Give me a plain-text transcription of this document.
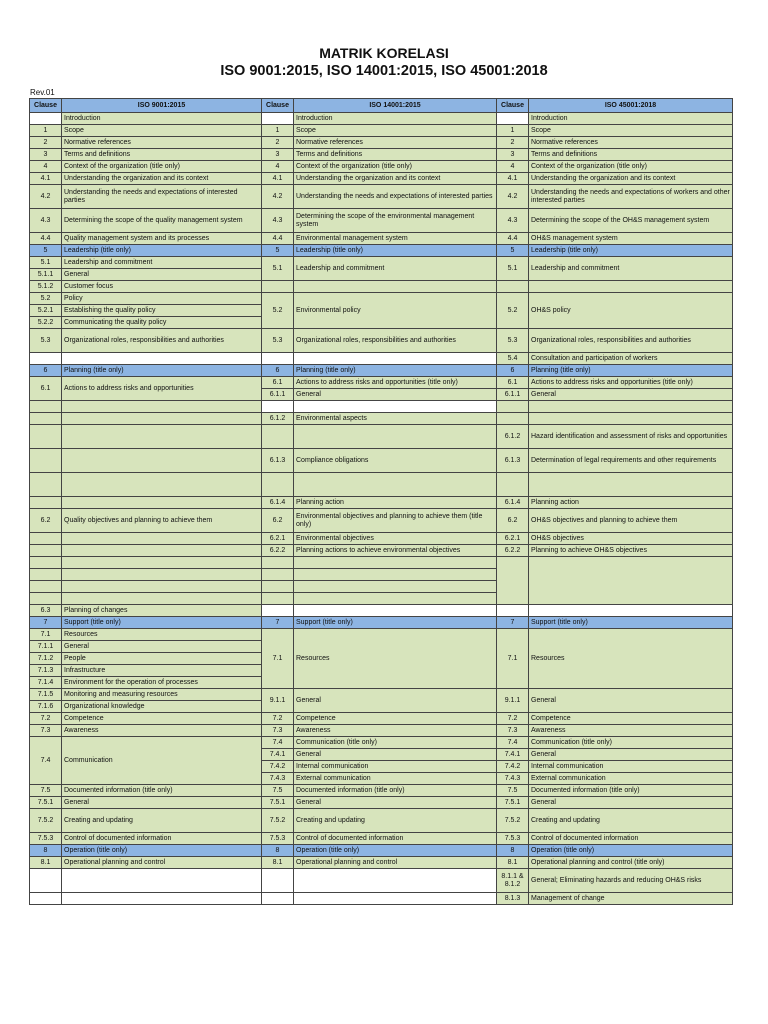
MATRIK KORELASI
ISO 9001:2015, ISO 14001:2015, ISO 45001:2018
Rev.01
Clause	ISO 9001:2015	Clause	ISO 14001:2015	Clause	ISO 45001:2018
	Introduction		Introduction		Introduction
1	Scope	1	Scope	1	Scope
2	Normative references	2	Normative references	2	Normative references
3	Terms and definitions	3	Terms and definitions	3	Terms and definitions
4	Context of the organization (title only)	4	Context of the organization (title only)	4	Context of the organization (title only)
4.1	Understanding the organization and its context	4.1	Understanding the organization and its context	4.1	Understanding the organization and its context
4.2	Understanding the needs and expectations of interested parties	4.2	Understanding the needs and expectations of interested parties	4.2	Understanding the needs and expectations of workers and other interested parties
4.3	Determining the scope of the quality management system	4.3	Determining the scope of the environmental management system	4.3	Determining the scope of the OH&S management system
4.4	Quality management system and its processes	4.4	Environmental management system	4.4	OH&S management system
5	Leadership (title only)	5	Leadership (title only)	5	Leadership (title only)
5.1	Leadership and commitment	5.1	Leadership and commitment	5.1	Leadership and commitment
5.1.1	General				
5.1.2	Customer focus				
5.2	Policy	5.2	Environmental policy	5.2	OH&S policy
5.2.1	Establishing the quality policy				
5.2.2	Communicating the quality policy				
5.3	Organizational roles, responsibilities and authorities	5.3	Organizational roles, responsibilities and authorities	5.3	Organizational roles, responsibilities and authorities
				5.4	Consultation and participation of workers
6	Planning (title only)	6	Planning (title only)	6	Planning (title only)
6.1	Actions to address risks and opportunities	6.1	Actions to address risks and opportunities (title only)	6.1	Actions to address risks and opportunities (title only)
		6.1.1	General	6.1.1	General

		6.1.2	Environmental aspects		
				6.1.2	Hazard identification and assessment of risks and opportunities
		6.1.3	Compliance obligations	6.1.3	Determination of legal requirements and other requirements

		6.1.4	Planning action	6.1.4	Planning action
6.2	Quality objectives and planning to achieve them	6.2	Environmental objectives and planning to achieve them (title only)	6.2	OH&S objectives and planning to achieve them
		6.2.1	Environmental objectives	6.2.1	OH&S objectives
		6.2.2	Planning actions to achieve environmental objectives	6.2.2	Planning to achieve OH&S objectives

6.3	Planning of changes				
7	Support (title only)	7	Support (title only)	7	Support (title only)
7.1	Resources	7.1	Resources	7.1	Resources
7.1.1	General				
7.1.2	People				
7.1.3	Infrastructure				
7.1.4	Environment for the operation of processes				
7.1.5	Monitoring and measuring resources	9.1.1	General	9.1.1	General
7.1.6	Organizational knowledge				
7.2	Competence	7.2	Competence	7.2	Competence
7.3	Awareness	7.3	Awareness	7.3	Awareness
7.4	Communication	7.4	Communication (title only)	7.4	Communication (title only)
		7.4.1	General	7.4.1	General
		7.4.2	Internal communication	7.4.2	Internal communication
		7.4.3	External communication	7.4.3	External communication
7.5	Documented information (title only)	7.5	Documented information (title only)	7.5	Documented information (title only)
7.5.1	General	7.5.1	General	7.5.1	General
7.5.2	Creating and updating	7.5.2	Creating and updating	7.5.2	Creating and updating
7.5.3	Control of documented information	7.5.3	Control of documented information	7.5.3	Control of documented information
8	Operation (title only)	8	Operation (title only)	8	Operation (title only)
8.1	Operational planning and control	8.1	Operational planning and control	8.1	Operational planning and control (title only)
				8.1.1 & 8.1.2	General; Eliminating hazards and reducing OH&S risks
				8.1.3	Management of change
